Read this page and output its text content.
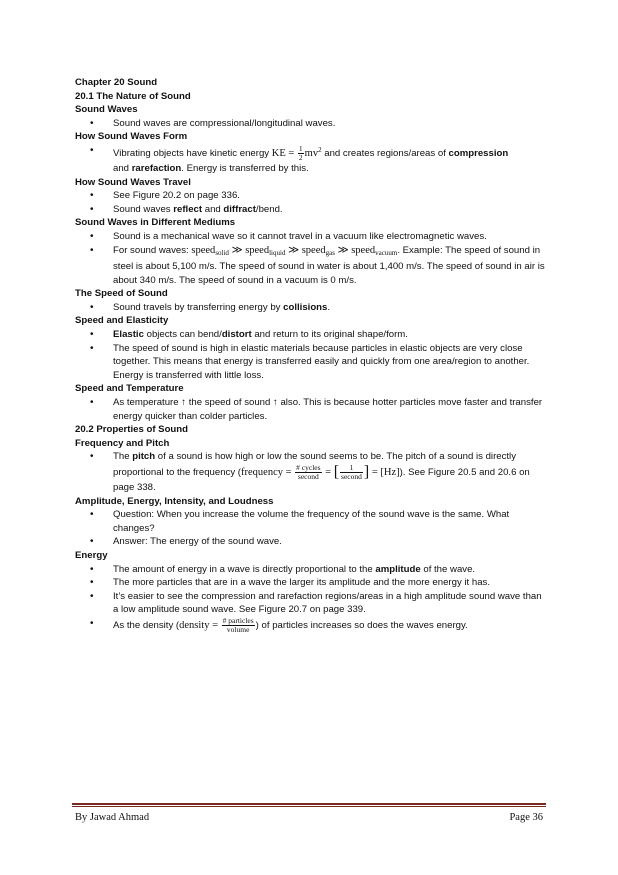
Chapter 20 Sound

20.1 The Nature of Sound

Sound Waves

• Sound waves are compressional/longitudinal waves.

How Sound Waves Form

• Vibrating objects have kinetic energy KE = $\frac{1}{2} mv^2$ and creates regions/areas of compression
and rarefaction. Energy is transferred by this.

How Sound Waves Travel

• See Figure 20.2 on page 336.
• Sound waves reflect and diffract/bend.

Sound Waves in Different Mediums

• Sound is a mechanical wave so it cannot travel in a vacuum like electromagnetic waves.
• For sound waves: speed$_{solid}$ ≫ speed$_{liquid}$ ≫ speed$_{gas}$ ≫ speed$_{vacuum}$. Example: The speed of sound in steel is about 5,100 m/s. The speed of sound in water is about 1,400 m/s. The speed of sound in air is about 340 m/s. The speed of sound in a vacuum is 0 m/s.

The Speed of Sound

• Sound travels by transferring energy by collisions.

Speed and Elasticity

• Elastic objects can bend/distort and return to its original shape/form.
• The speed of sound is high in elastic materials because particles in elastic objects are very close together. This means that energy is transferred easily and quickly from one area/region to another. Energy is transferred with little loss.

Speed and Temperature

• As temperature ↑ the speed of sound ↑ also. This is because hotter particles move faster and transfer energy quicker than colder particles.

20.2 Properties of Sound

Frequency and Pitch

• The pitch of a sound is how high or low the sound seems to be. The pitch of a sound is directly proportional to the frequency (frequency = $\frac{\text{\# cycles}}{\text{second}}$ = [ $\frac{1}{\text{second}}$ ] = [Hz]). See Figure 20.5 and 20.6 on page 338.

Amplitude, Energy, Intensity, and Loudness

• Question: When you increase the volume the frequency of the sound wave is the same. What changes?
• Answer: The energy of the sound wave.

Energy

• The amount of energy in a wave is directly proportional to the amplitude of the wave.
• The more particles that are in a wave the larger its amplitude and the more energy it has.
• It’s easier to see the compression and rarefaction regions/areas in a high amplitude sound wave than a low amplitude sound wave. See Figure 20.7 on page 339.
• As the density (density = $\frac{\text{\# particles}}{\text{volume}}$ ) of particles increases so does the waves energy.
By Jawad Ahmad	Page 36
